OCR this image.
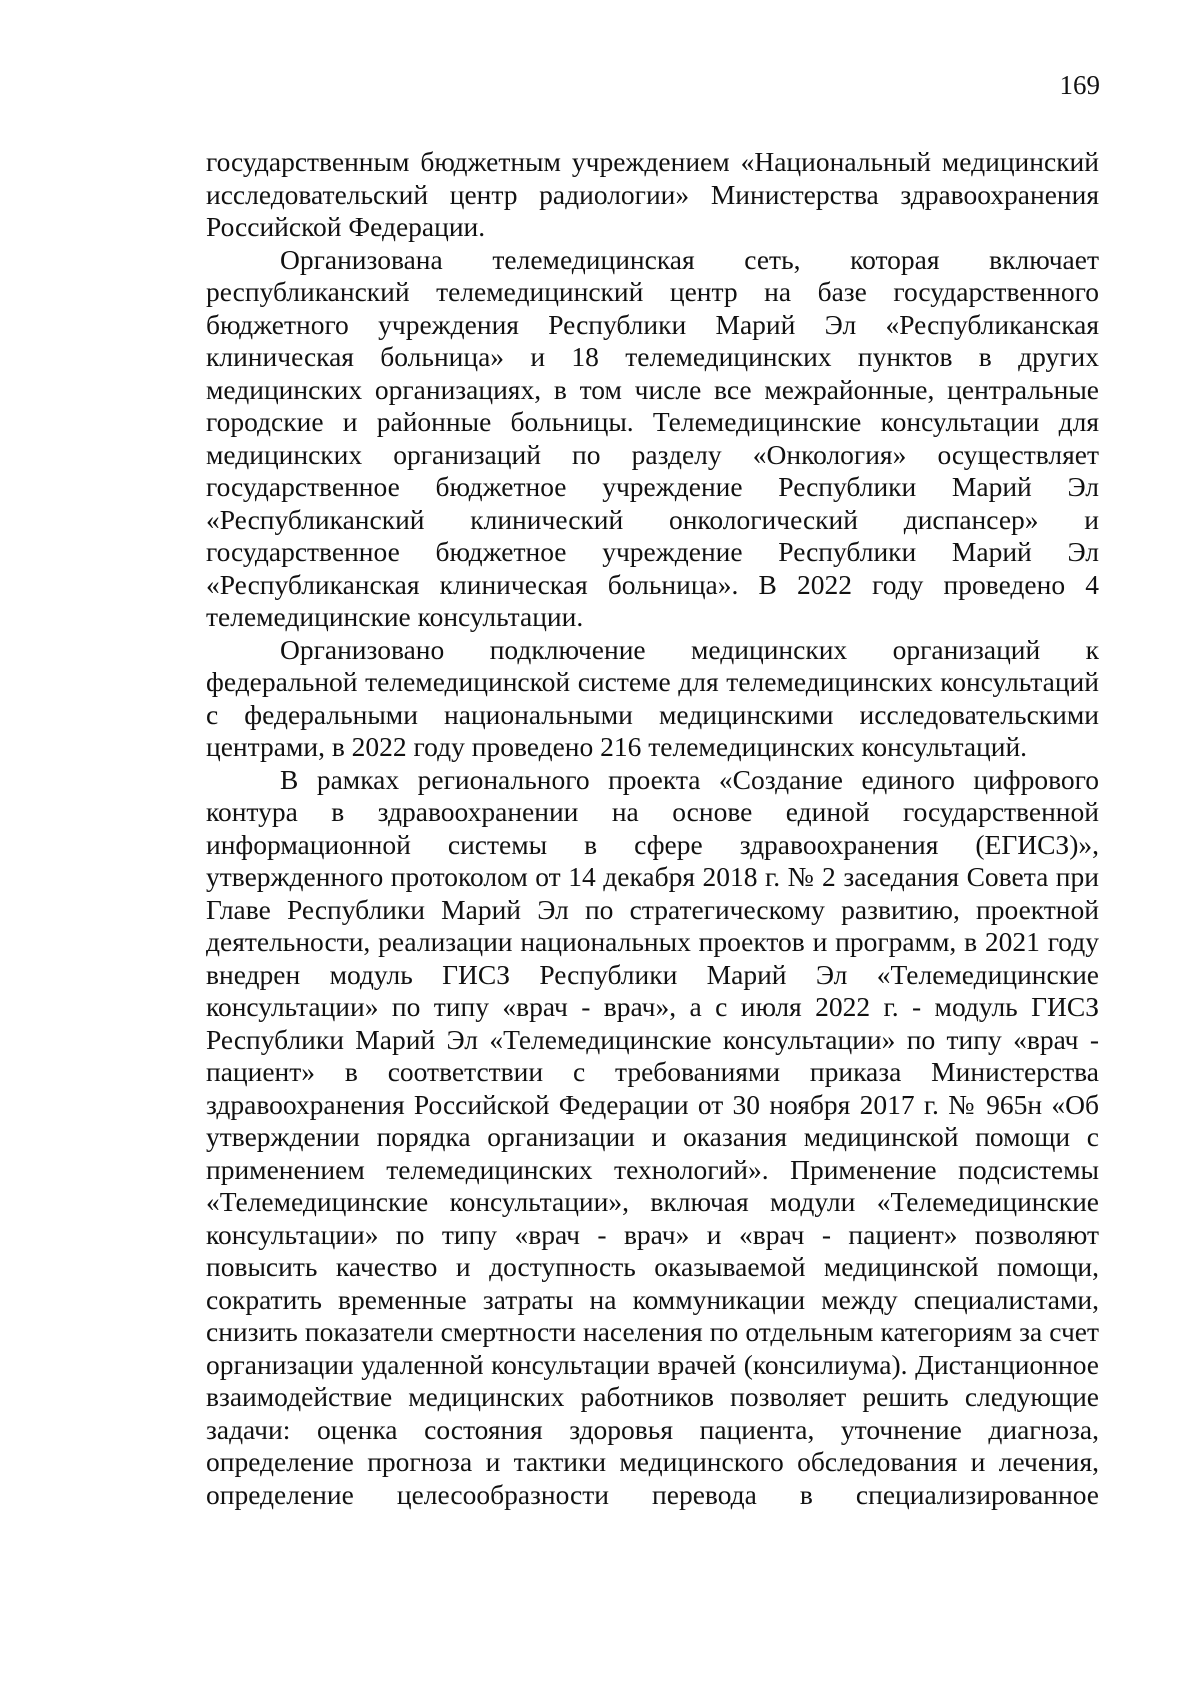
169

государственным бюджетным учреждением «Национальный медицинский исследовательский центр радиологии» Министерства здравоохранения Российской Федерации.

Организована телемедицинская сеть, которая включает республиканский телемедицинский центр на базе государственного бюджетного учреждения Республики Марий Эл «Республиканская клиническая больница» и 18 телемедицинских пунктов в других медицинских организациях, в том числе все межрайонные, центральные городские и районные больницы. Телемедицинские консультации для медицинских организаций по разделу «Онкология» осуществляет государственное бюджетное учреждение Республики Марий Эл «Республиканский клинический онкологический диспансер» и государственное бюджетное учреждение Республики Марий Эл «Республиканская клиническая больница». В 2022 году проведено 4 телемедицинские консультации.

Организовано подключение медицинских организаций к федеральной телемедицинской системе для телемедицинских консультаций с федеральными национальными медицинскими исследовательскими центрами, в 2022 году проведено 216 телемедицинских консультаций.

В рамках регионального проекта «Создание единого цифрового контура в здравоохранении на основе единой государственной информационной системы в сфере здравоохранения (ЕГИСЗ)», утвержденного протоколом от 14 декабря 2018 г. № 2 заседания Совета при Главе Республики Марий Эл по стратегическому развитию, проектной деятельности, реализации национальных проектов и программ, в 2021 году внедрен модуль ГИСЗ Республики Марий Эл «Телемедицинские консультации» по типу «врач - врач», а с июля 2022 г. - модуль ГИСЗ Республики Марий Эл «Телемедицинские консультации» по типу «врач - пациент» в соответствии с требованиями приказа Министерства здравоохранения Российской Федерации от 30 ноября 2017 г. № 965н «Об утверждении порядка организации и оказания медицинской помощи с применением телемедицинских технологий». Применение подсистемы «Телемедицинские консультации», включая модули «Телемедицинские консультации» по типу «врач - врач» и «врач - пациент» позволяют повысить качество и доступность оказываемой медицинской помощи, сократить временные затраты на коммуникации между специалистами, снизить показатели смертности населения по отдельным категориям за счет организации удаленной консультации врачей (консилиума). Дистанционное взаимодействие медицинских работников позволяет решить следующие задачи: оценка состояния здоровья пациента, уточнение диагноза, определение прогноза и тактики медицинского обследования и лечения, определение целесообразности перевода в специализированное
